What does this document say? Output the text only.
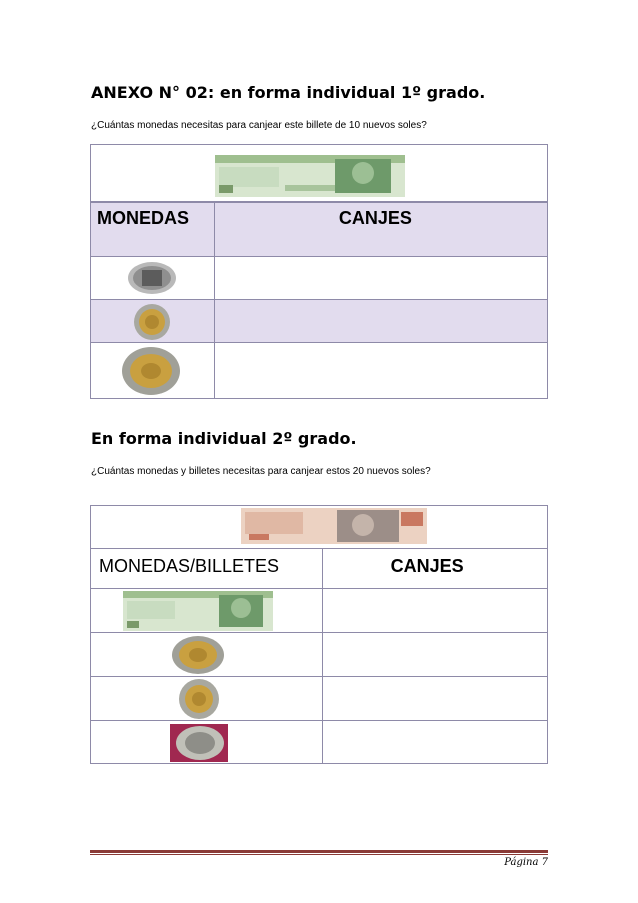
ANEXO N° 02: en forma individual 1º grado.
¿Cuántas monedas necesitas para canjear este billete de 10 nuevos soles?

MONEDAS	CANJES

En forma individual 2º grado.
¿Cuántas monedas y billetes necesitas para canjear estos 20 nuevos soles?

MONEDAS/BILLETES	CANJES

Página 7
